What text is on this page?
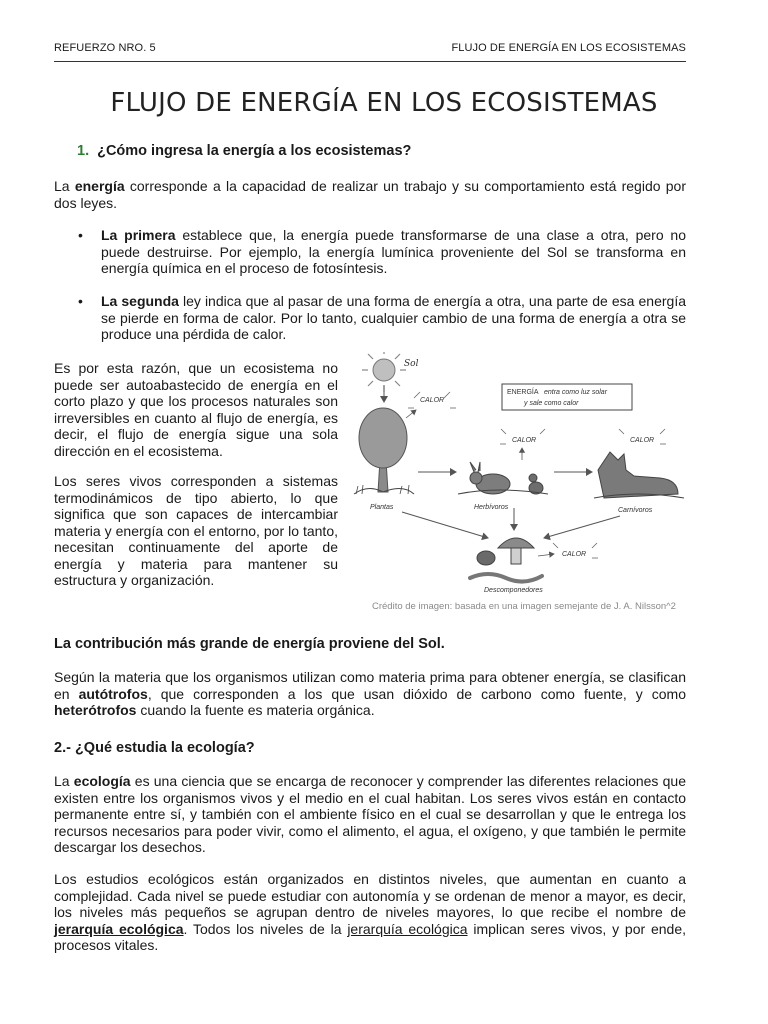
REFUERZO NRO. 5	FLUJO DE ENERGÍA EN LOS ECOSISTEMAS
FLUJO DE ENERGÍA EN LOS ECOSISTEMAS
1. ¿Cómo ingresa la energía a los ecosistemas?

La energía corresponde a la capacidad de realizar un trabajo y su comportamiento está regido por dos leyes.

• La primera establece que, la energía puede transformarse de una clase a otra, pero no puede destruirse. Por ejemplo, la energía lumínica proveniente del Sol se transforma en energía química en el proceso de fotosíntesis.
• La segunda ley indica que al pasar de una forma de energía a otra, una parte de esa energía se pierde en forma de calor. Por lo tanto, cualquier cambio de una forma de energía a otra se produce una pérdida de calor.

Es por esta razón, que un ecosistema no puede ser autoabastecido de energía en el corto plazo y que los procesos naturales son irreversibles en cuanto al flujo de energía, es decir, el flujo de energía sigue una sola dirección en el ecosistema.

Los seres vivos corresponden a sistemas termodinámicos de tipo abierto, lo que significa que son capaces de intercambiar materia y energía con el entorno, por lo tanto, necesitan continuamente del aporte de energía y materia para mantener su estructura y organización.

Sol
CALOR
ENERGÍA entra como luz solar
y sale como calor
CALOR	CALOR
Plantas	Herbívoros	Carnívoros
CALOR
Descomponedores
Crédito de imagen: basada en una imagen semejante de J. A. Nilsson^2

La contribución más grande de energía proviene del Sol.

Según la materia que los organismos utilizan como materia prima para obtener energía, se clasifican en autótrofos, que corresponden a los que usan dióxido de carbono como fuente, y como heterótrofos cuando la fuente es materia orgánica.

2.- ¿Qué estudia la ecología?

La ecología es una ciencia que se encarga de reconocer y comprender las diferentes relaciones que existen entre los organismos vivos y el medio en el cual habitan. Los seres vivos están en contacto permanente entre sí, y también con el ambiente físico en el cual se desarrollan y que le entrega los recursos necesarios para poder vivir, como el alimento, el agua, el oxígeno, y que también le permite descargar los desechos.

Los estudios ecológicos están organizados en distintos niveles, que aumentan en cuanto a complejidad. Cada nivel se puede estudiar con autonomía y se ordenan de menor a mayor, es decir, los niveles más pequeños se agrupan dentro de niveles mayores, lo que recibe el nombre de jerarquía ecológica. Todos los niveles de la jerarquía ecológica implican seres vivos, y por ende, procesos vitales.
